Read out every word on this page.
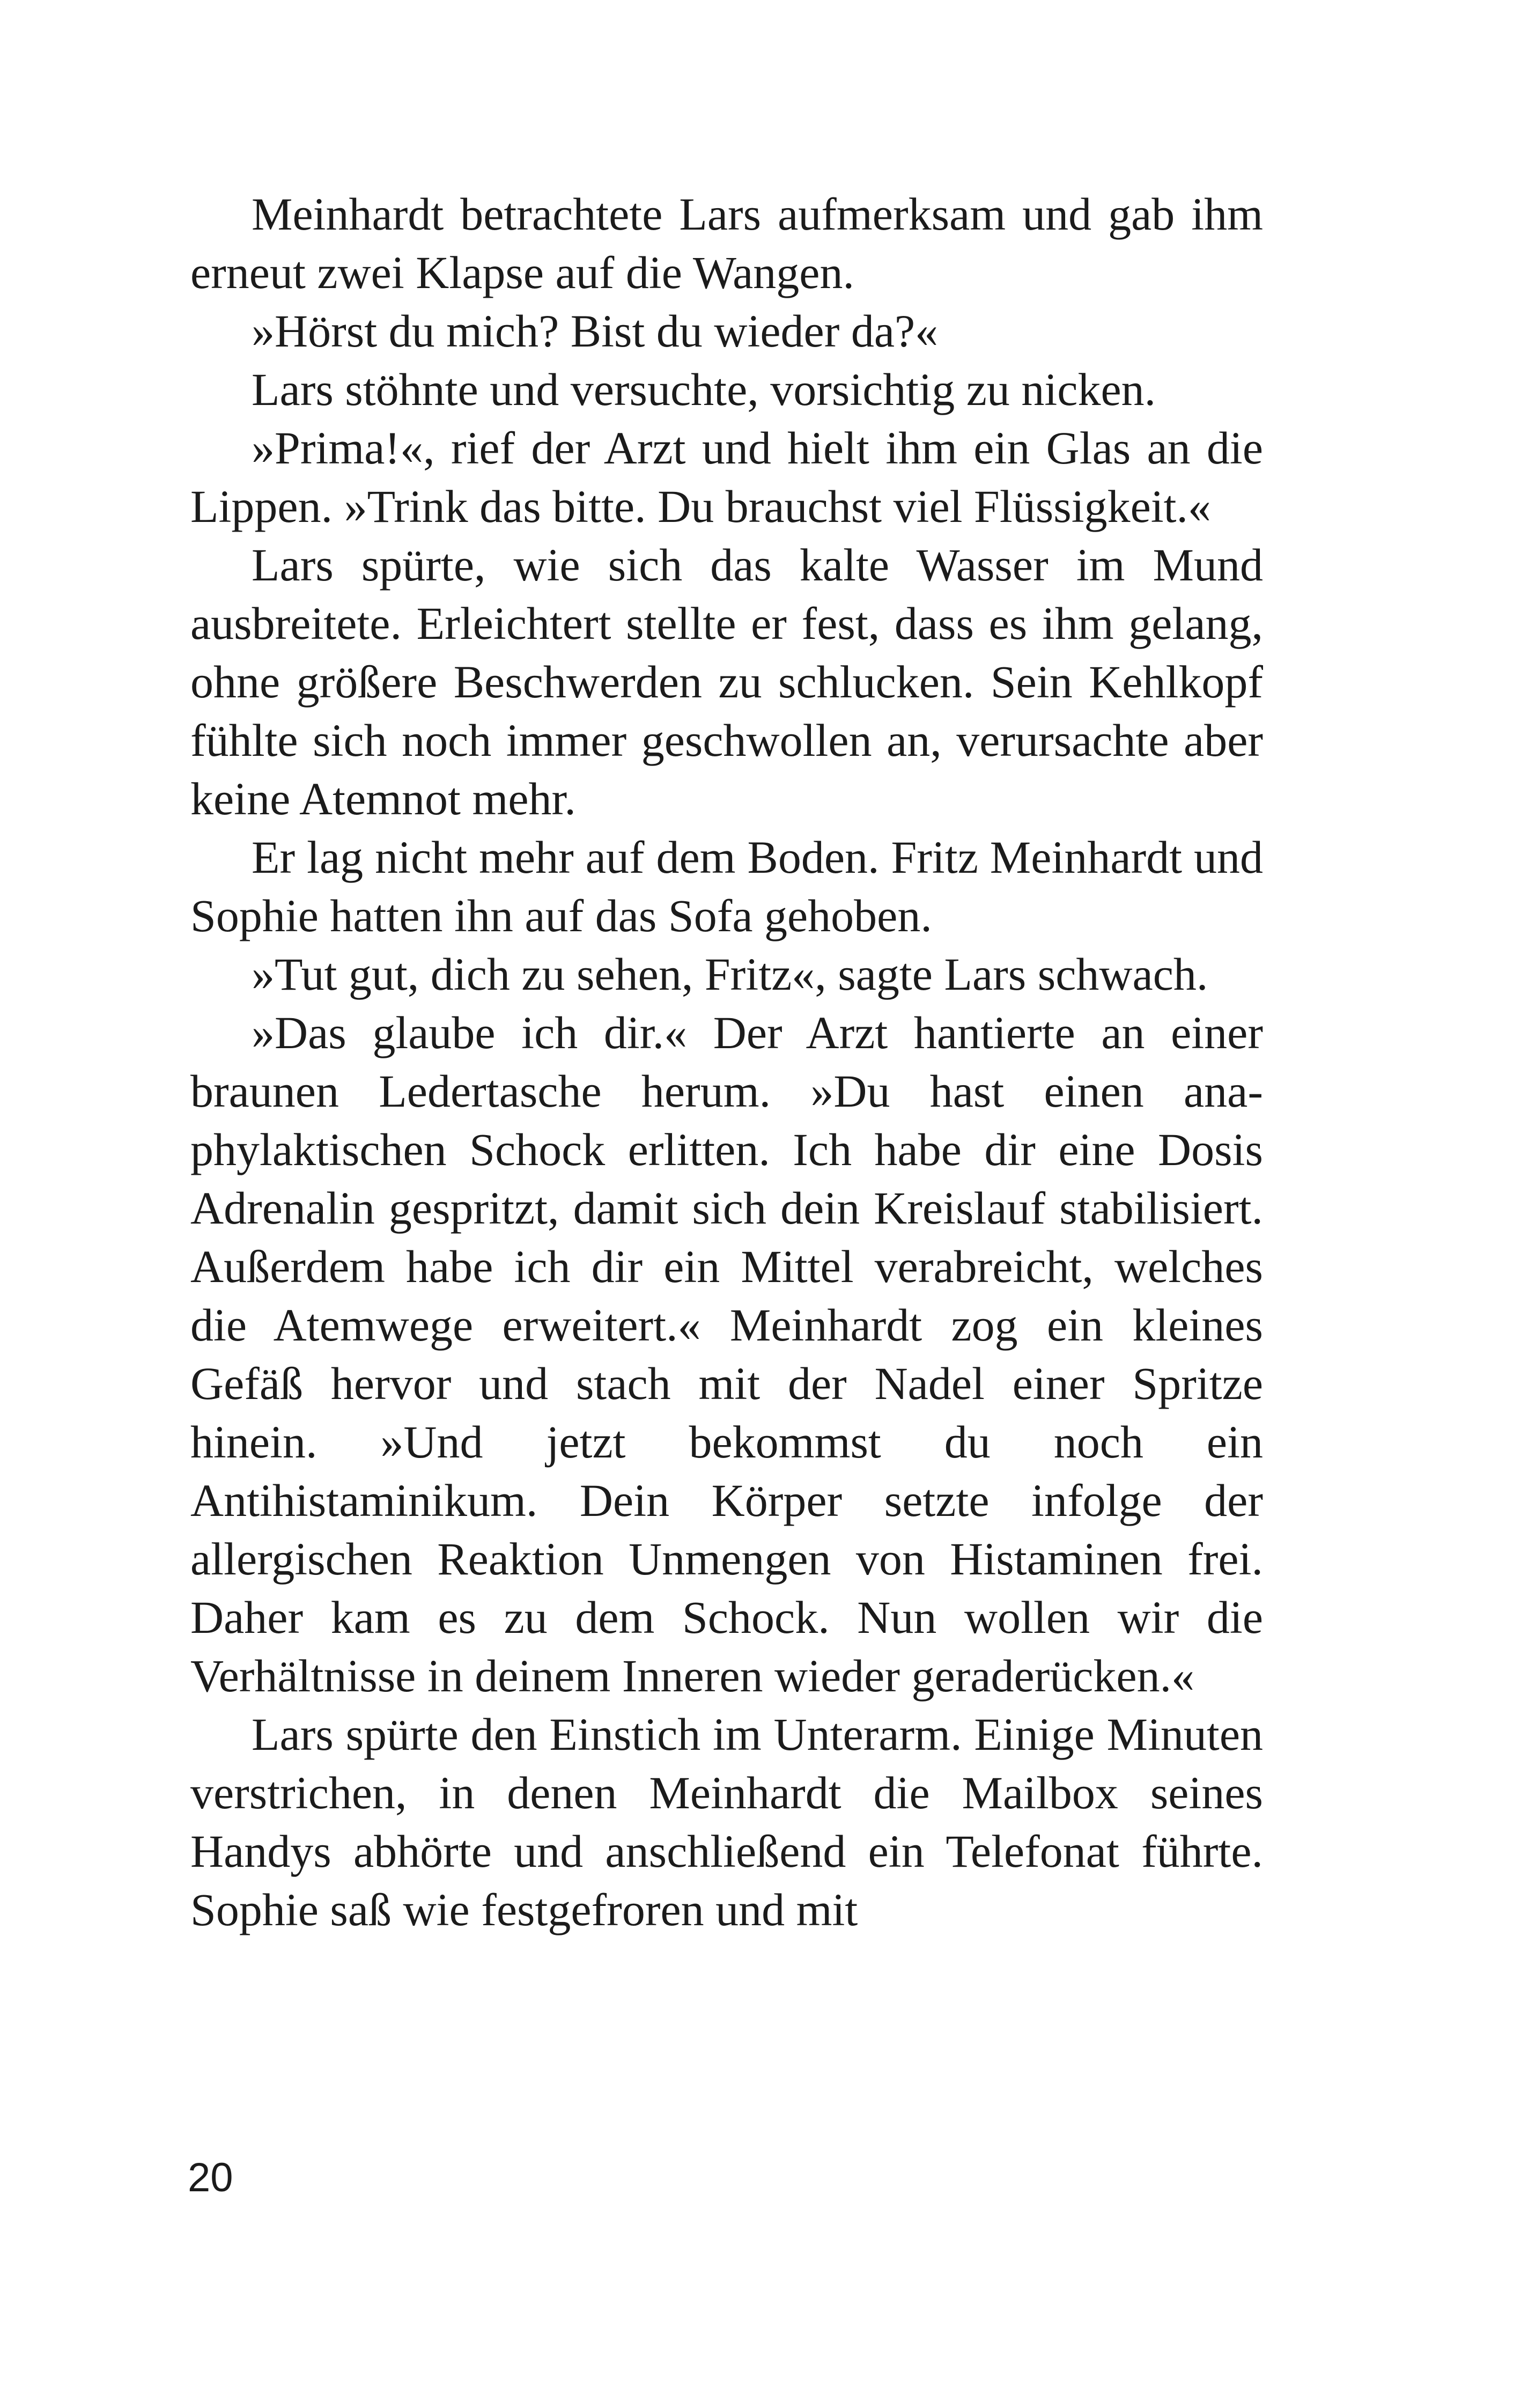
Meinhardt betrachtete Lars aufmerksam und gab ihm erneut zwei Klapse auf die Wangen.

»Hörst du mich? Bist du wieder da?«

Lars stöhnte und versuchte, vorsichtig zu nicken.

»Prima!«, rief der Arzt und hielt ihm ein Glas an die Lippen. »Trink das bitte. Du brauchst viel Flüssigkeit.«

Lars spürte, wie sich das kalte Wasser im Mund ausbreitete. Erleichtert stellte er fest, dass es ihm gelang, ohne größere Beschwerden zu schlucken. Sein Kehlkopf fühlte sich noch immer geschwollen an, verursachte aber keine Atemnot mehr.

Er lag nicht mehr auf dem Boden. Fritz Meinhardt und Sophie hatten ihn auf das Sofa gehoben.

»Tut gut, dich zu sehen, Fritz«, sagte Lars schwach.

»Das glaube ich dir.« Der Arzt hantierte an einer braunen Ledertasche herum. »Du hast einen anaphylaktischen Schock erlitten. Ich habe dir eine Dosis Adrenalin gespritzt, damit sich dein Kreislauf stabilisiert. Außerdem habe ich dir ein Mittel verabreicht, welches die Atemwege erweitert.« Meinhardt zog ein kleines Gefäß hervor und stach mit der Nadel einer Spritze hinein. »Und jetzt bekommst du noch ein Antihistaminikum. Dein Körper setzte infolge der allergischen Reaktion Unmengen von Histaminen frei. Daher kam es zu dem Schock. Nun wollen wir die Verhältnisse in deinem Inneren wieder geraderücken.«

Lars spürte den Einstich im Unterarm. Einige Minuten verstrichen, in denen Meinhardt die Mailbox seines Handys abhörte und anschließend ein Telefonat führte. Sophie saß wie festgefroren und mit

20
